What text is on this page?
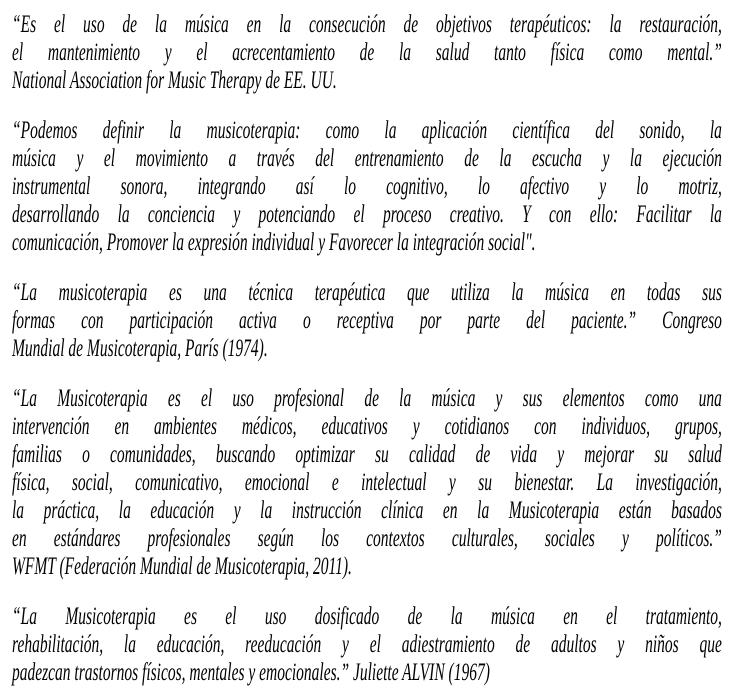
“Es el uso de la música en la consecución de objetivos terapéuticos: la restauración,
el mantenimiento y el acrecentamiento de la salud tanto física como mental.”
National Association for Music Therapy de EE. UU.

“Podemos definir la musicoterapia: como la aplicación científica del sonido, la
música y el movimiento a través del entrenamiento de la escucha y la ejecución
instrumental sonora, integrando así lo cognitivo, lo afectivo y lo motriz,
desarrollando la conciencia y potenciando el proceso creativo. Y con ello: Facilitar la
comunicación, Promover la expresión individual y Favorecer la integración social".

“La musicoterapia es una técnica terapéutica que utiliza la música en todas sus
formas con participación activa o receptiva por parte del paciente.” Congreso
Mundial de Musicoterapia, París (1974).

“La Musicoterapia es el uso profesional de la música y sus elementos como una
intervención en ambientes médicos, educativos y cotidianos con individuos, grupos,
familias o comunidades, buscando optimizar su calidad de vida y mejorar su salud
física, social, comunicativo, emocional e intelectual y su bienestar. La investigación,
la práctica, la educación y la instrucción clínica en la Musicoterapia están basados
en estándares profesionales según los contextos culturales, sociales y políticos.”
WFMT (Federación Mundial de Musicoterapia, 2011).

“La Musicoterapia es el uso dosificado de la música en el tratamiento,
rehabilitación, la educación, reeducación y el adiestramiento de adultos y niños que
padezcan trastornos físicos, mentales y emocionales.” Juliette ALVIN (1967)
